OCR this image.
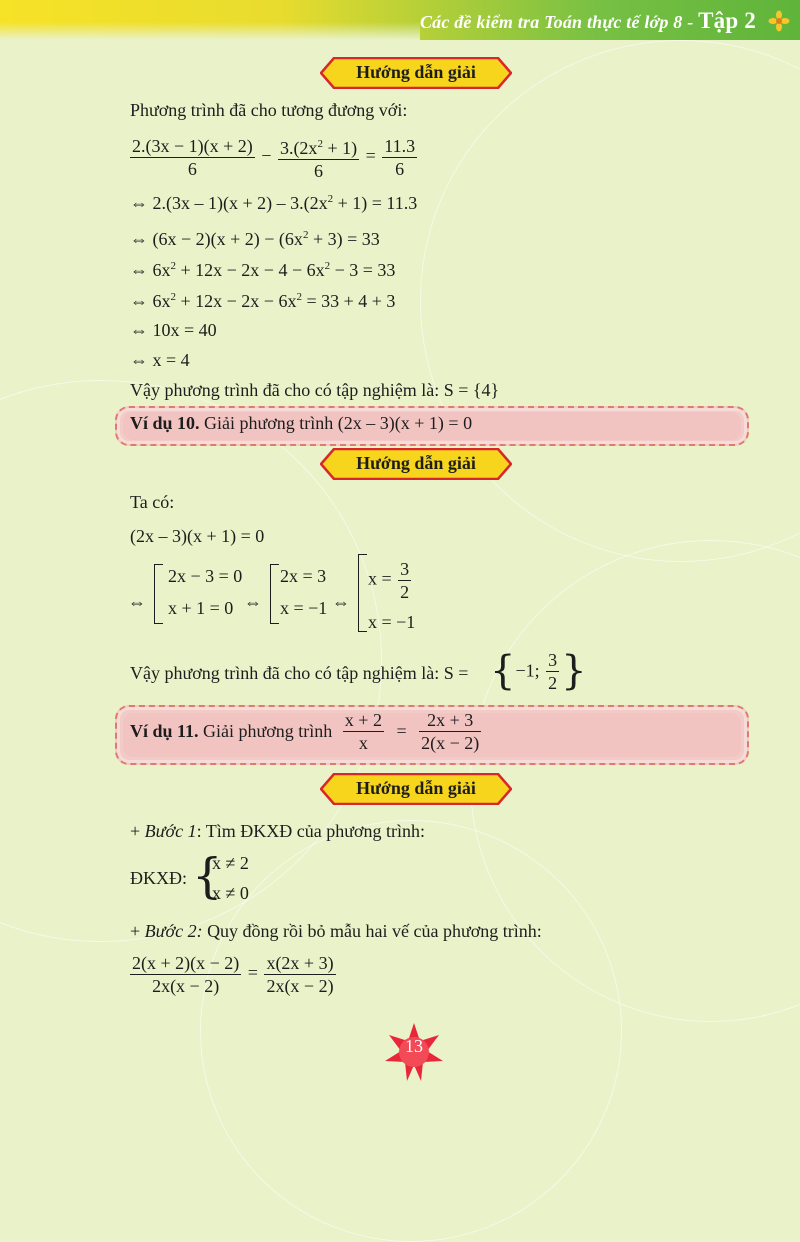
Các đề kiểm tra Toán thực tế lớp 8 - Tập 2
Hướng dẫn giải
Phương trình đã cho tương đương với:
$\frac{2.(3x - 1)(x + 2)}{6} - \frac{3.(2x^2 + 1)}{6} = \frac{11.3}{6}$
⇔ $2.(3x - 1)(x + 2) - 3.(2x^2 + 1) = 11.3$
⇔ $(6x - 2)(x + 2) - (6x^2 + 3) = 33$
⇔ $6x^2 + 12x - 2x - 4 - 6x^2 - 3 = 33$
⇔ $6x^2 + 12x - 2x - 6x^2 = 33 + 4 + 3$
⇔ 10x = 40
⇔ x = 4
Vậy phương trình đã cho có tập nghiệm là: S = {4}
Ví dụ 10. Giải phương trình (2x – 3)(x + 1) = 0
Hướng dẫn giải
Ta có:
(2x – 3)(x + 1) = 0
⇔
2x − 3 = 0
x + 1 = 0 ⇔
2x = 3
x = −1 ⇔
$x = \frac{3}{2}$
x = −1
Vậy phương trình đã cho có tập nghiệm là: S = {−1; $\frac{3}{2}$ }
Ví dụ 11. Giải phương trình $\frac{x + 2}{x} = \frac{2x + 3}{2(x - 2)}$
Hướng dẫn giải
+ Bước 1: Tìm ĐKXĐ của phương trình:
ĐKXĐ: {
x ≠ 2
x ≠ 0
+ Bước 2: Quy đồng rồi bỏ mẫu hai vế của phương trình:
$\frac{2(x + 2)(x - 2)}{2x(x - 2)} = \frac{x(2x + 3)}{2x(x - 2)}$
13
